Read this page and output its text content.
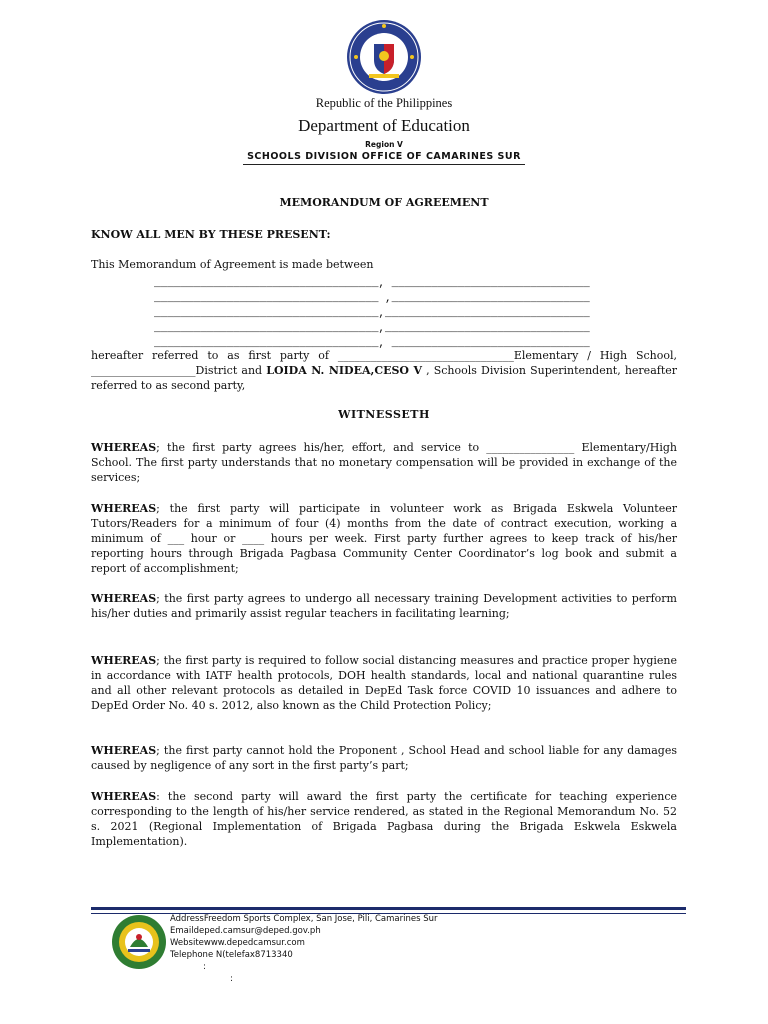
Republic of the Philippines
Department of Education
Region V
SCHOOLS DIVISION OFFICE OF CAMARINES SUR
MEMORANDUM OF AGREEMENT
KNOW ALL MEN BY THESE PRESENT:
This Memorandum of Agreement is made between
__________________________________, ______________________________
__________________________________ ,______________________________
__________________________________,_______________________________
__________________________________,_______________________________
__________________________________, ______________________________
hereafter referred to as first party of ________________________________Elementary / High School, ___________________District and LOIDA N. NIDEA,CESO V , Schools Division Superintendent, hereafter referred to as second party,
WITNESSETH
WHEREAS; the first party agrees his/her, effort, and service to ________________ Elementary/High School. The first party understands that no monetary compensation will be provided in exchange of the services;
WHEREAS; the first party will participate in volunteer work as Brigada Eskwela Volunteer Tutors/Readers for a minimum of four (4) months from the date of contract execution, working a minimum of ___ hour or ____ hours per week. First party further agrees to keep track of his/her reporting hours through Brigada Pagbasa Community Center Coordinator’s log book and submit a report of accomplishment;
WHEREAS; the first party agrees to undergo all necessary training Development activities to perform his/her duties and primarily assist regular teachers in facilitating learning;
WHEREAS; the first party is required to follow social distancing measures and practice proper hygiene in accordance with IATF health protocols, DOH health standards, local and national quarantine rules and all other relevant protocols as detailed in DepEd Task force COVID 10 issuances and adhere to DepEd Order No. 40 s. 2012, also known as the Child Protection Policy;
WHEREAS; the first party cannot hold the Proponent , School Head and school liable for any damages caused by negligence of any sort in the first party’s part;
WHEREAS: the second party will award the first party the certificate for teaching experience corresponding to the length of his/her service rendered, as stated in the Regional Memorandum No. 52 s. 2021 (Regional Implementation of Brigada Pagbasa during the Brigada Eskwela Eskwela Implementation).
AddressFreedom Sports Complex, San Jose, Pili, Camarines Sur
Emaildeped.camsur@deped.gov.ph
Websitewww.depedcamsur.com
Telephone N(telefax8713340
:
:
